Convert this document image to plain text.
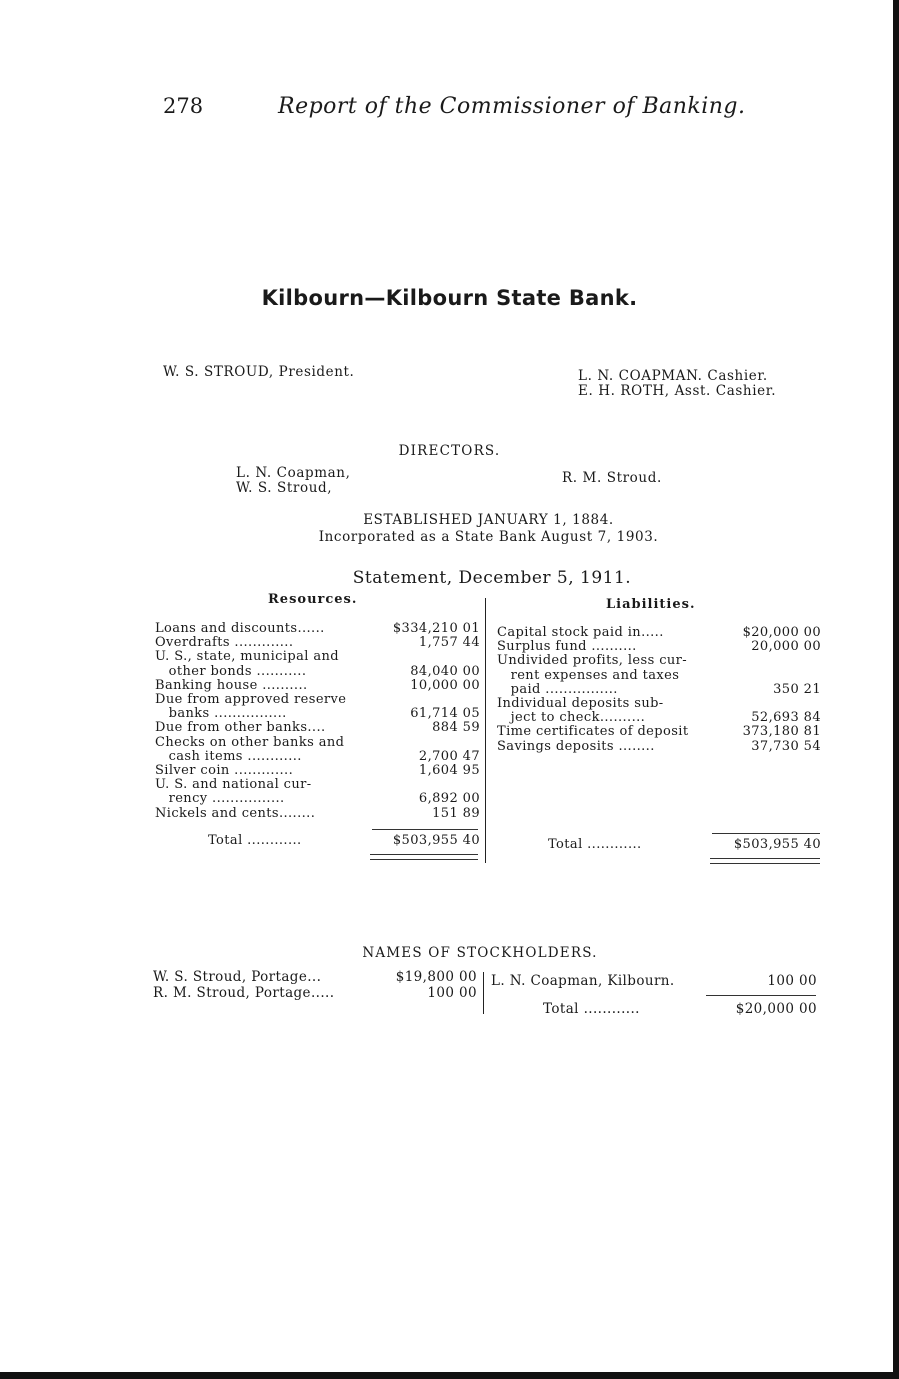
278	Report of the Commissioner of Banking.
Kilbourn—Kilbourn State Bank.
W. S. STROUD, President.	L. N. COAPMAN. Cashier.
E. H. ROTH, Asst. Cashier.
DIRECTORS.
L. N. Coapman,
W. S. Stroud,
R. M. Stroud.
ESTABLISHED JANUARY 1, 1884.
Incorporated as a State Bank August 7, 1903.
Statement, December 5, 1911.
Resources.	Liabilities.
Loans and discounts......	$334,210 01
Overdrafts .............	1,757 44
U. S., state, municipal and
other bonds ...........	84,040 00
Banking house ..........	10,000 00
Due from approved reserve
banks ................	61,714 05
Due from other banks....	884 59
Checks on other banks and
cash items ............	2,700 47
Silver coin .............	1,604 95
U. S. and national cur-
rency ................	6,892 00
Nickels and cents........	151 89
Capital stock paid in.....	$20,000 00
Surplus fund ..........	20,000 00
Undivided profits, less cur-
rent expenses and taxes
paid ................	350 21
Individual deposits sub-
ject to check..........	52,693 84
Time certificates of deposit	373,180 81
Savings deposits ........	37,730 54
Total ............	$503,955 40	Total ............	$503,955 40
NAMES OF STOCKHOLDERS.
W. S. Stroud, Portage...	$19,800 00
R. M. Stroud, Portage.....	100 00
L. N. Coapman, Kilbourn.	100 00
Total ............	$20,000 00
